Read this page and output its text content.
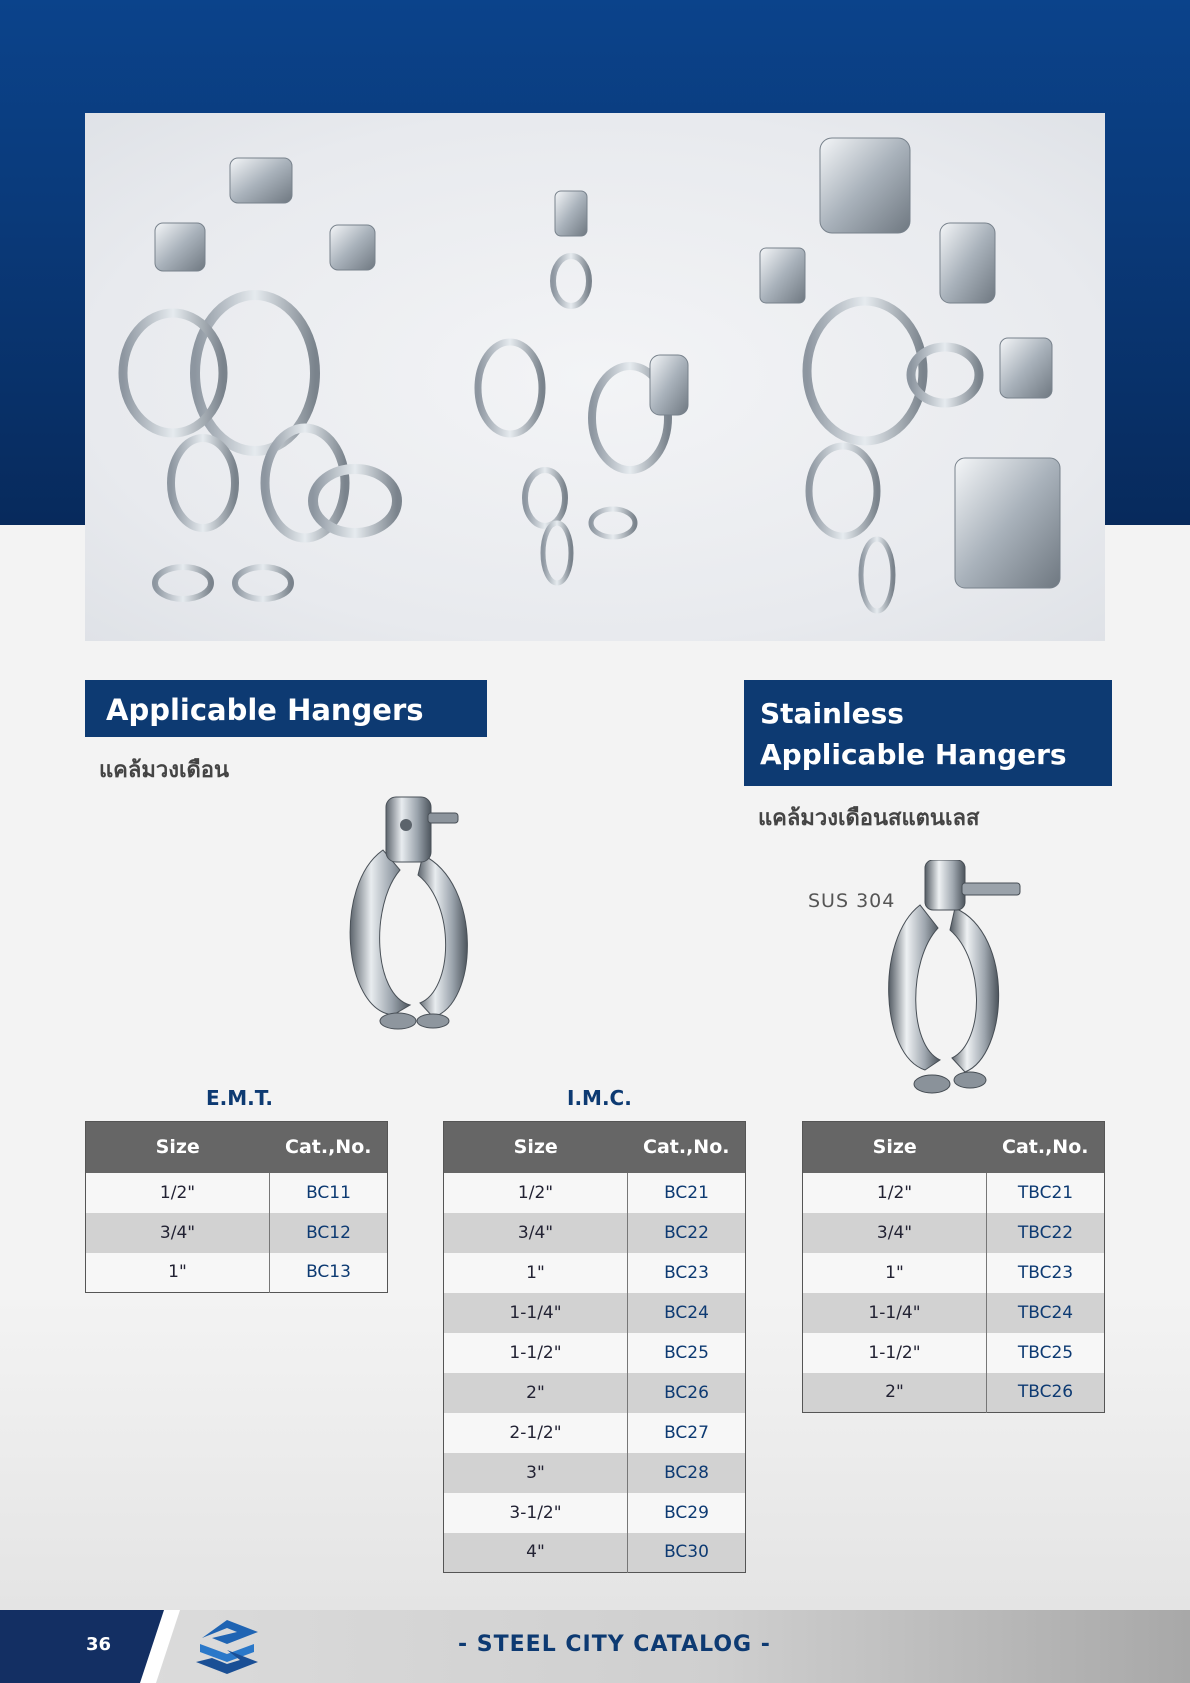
Applicable Hangers
แคล้มวงเดือน
Stainless
Applicable Hangers
แคล้มวงเดือนสแตนเลส
SUS 304
E.M.T.
Size	Cat.,No.
1/2"	BC11
3/4"	BC12
1"	BC13
I.M.C.
Size	Cat.,No.
1/2"	BC21
3/4"	BC22
1"	BC23
1-1/4"	BC24
1-1/2"	BC25
2"	BC26
2-1/2"	BC27
3"	BC28
3-1/2"	BC29
4"	BC30
Size	Cat.,No.
1/2"	TBC21
3/4"	TBC22
1"	TBC23
1-1/4"	TBC24
1-1/2"	TBC25
2"	TBC26
36	- STEEL CITY CATALOG -
